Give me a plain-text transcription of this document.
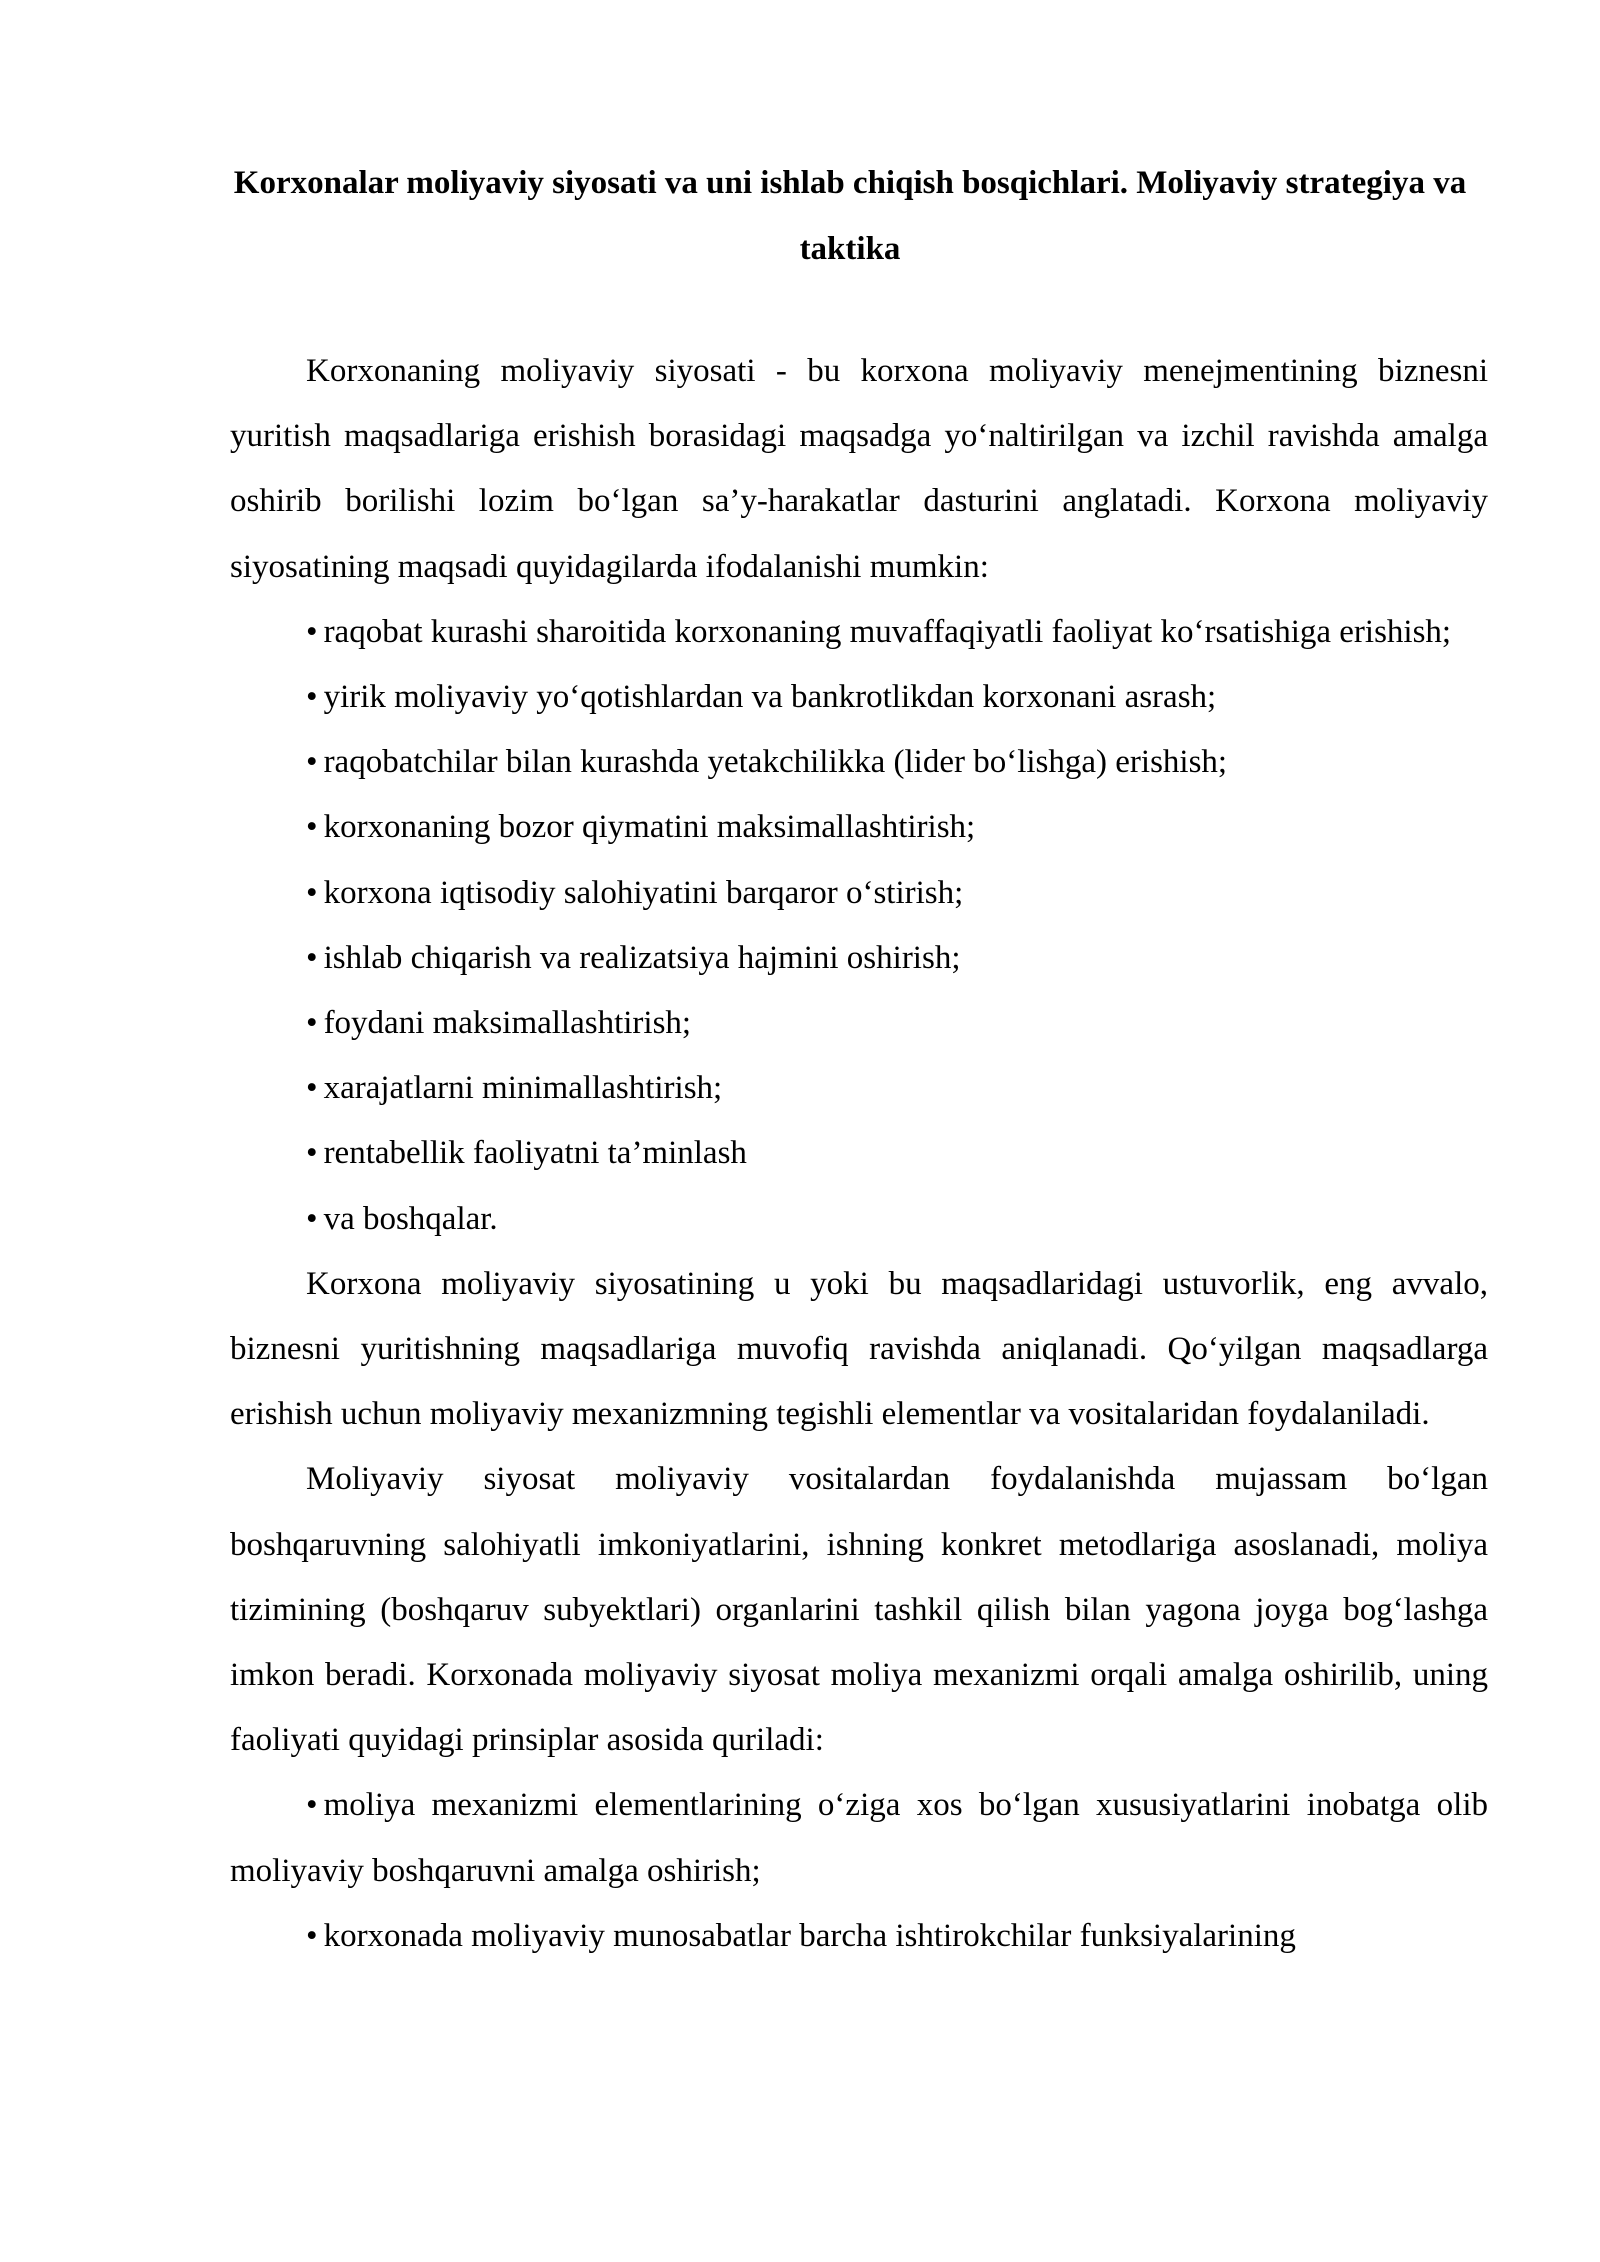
Korxonalar moliyaviy siyosati va uni ishlab chiqish bosqichlari. Moliyaviy strategiya va taktika

Korxonaning moliyaviy siyosati - bu korxona moliyaviy menejmentining biznesni yuritish maqsadlariga erishish borasidagi maqsadga yo‘naltirilgan va izchil ravishda amalga oshirib borilishi lozim bo‘lgan sa’y-harakatlar dasturini anglatadi. Korxona moliyaviy siyosatining maqsadi quyidagilarda ifodalanishi mumkin:

• raqobat kurashi sharoitida korxonaning muvaffaqiyatli faoliyat ko‘rsatishiga erishish;

• yirik moliyaviy yo‘qotishlardan va bankrotlikdan korxonani asrash;

• raqobatchilar bilan kurashda yetakchilikka (lider bo‘lishga) erishish;

• korxonaning bozor qiymatini maksimallashtirish;

• korxona iqtisodiy salohiyatini barqaror o‘stirish;

• ishlab chiqarish va realizatsiya hajmini oshirish;

• foydani maksimallashtirish;

• xarajatlarni minimallashtirish;

• rentabellik faoliyatni ta’minlash

• va boshqalar.

Korxona moliyaviy siyosatining u yoki bu maqsadlaridagi ustuvorlik, eng avvalo, biznesni yuritishning maqsadlariga muvofiq ravishda aniqlanadi. Qo‘yilgan maqsadlarga erishish uchun moliyaviy mexanizmning tegishli elementlar va vositalaridan foydalaniladi.

Moliyaviy siyosat moliyaviy vositalardan foydalanishda mujassam bo‘lgan boshqaruvning salohiyatli imkoniyatlarini, ishning konkret metodlariga asoslanadi, moliya tizimining (boshqaruv subyektlari) organlarini tashkil qilish bilan yagona joyga bog‘lashga imkon beradi. Korxonada moliyaviy siyosat moliya mexanizmi orqali amalga oshirilib, uning faoliyati quyidagi prinsiplar asosida quriladi:

• moliya mexanizmi elementlarining o‘ziga xos bo‘lgan xususiyatlarini inobatga olib moliyaviy boshqaruvni amalga oshirish;

• korxonada moliyaviy munosabatlar barcha ishtirokchilar funksiyalarining
